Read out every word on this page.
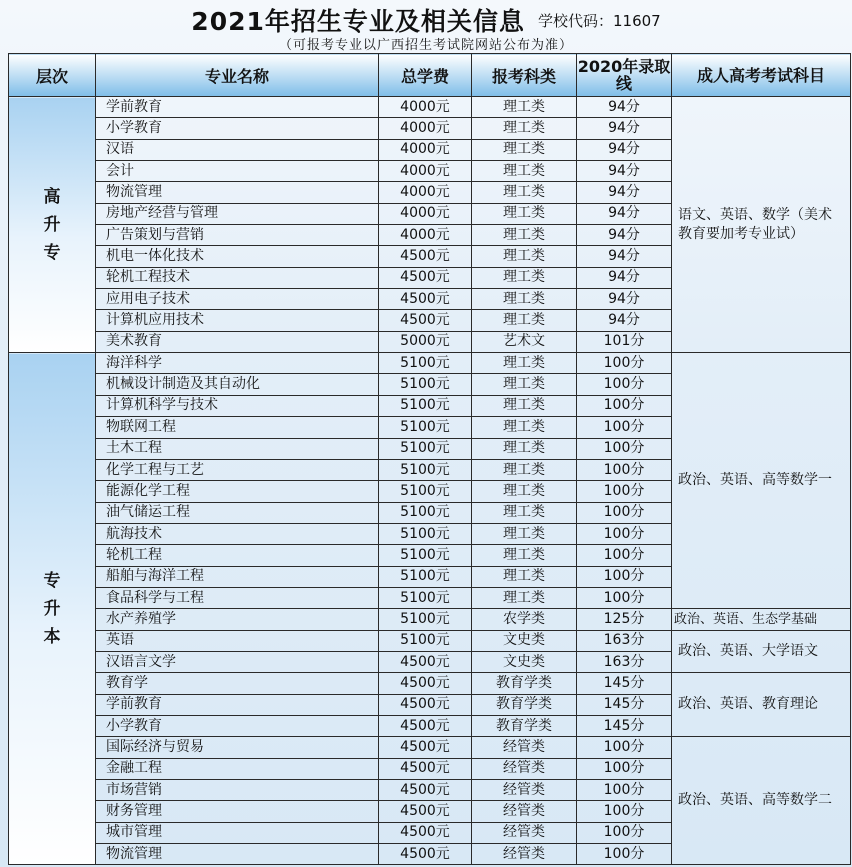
2021年招生专业及相关信息 学校代码：11607
（可报考专业以广西招生考试院网站公布为准）
层次	专业名称	总学费	报考科类	2020年录取线	成人高考考试科目
高升专	学前教育	4000元	理工类	94分	语文、英语、数学（美术教育要加考专业试）
	小学教育	4000元	理工类	94分	
	汉语	4000元	理工类	94分	
	会计	4000元	理工类	94分	
	物流管理	4000元	理工类	94分	
	房地产经营与管理	4000元	理工类	94分	
	广告策划与营销	4000元	理工类	94分	
	机电一体化技术	4500元	理工类	94分	
	轮机工程技术	4500元	理工类	94分	
	应用电子技术	4500元	理工类	94分	
	计算机应用技术	4500元	理工类	94分	
	美术教育	5000元	艺术文	101分	
专升本	海洋科学	5100元	理工类	100分	政治、英语、高等数学一
	机械设计制造及其自动化	5100元	理工类	100分	
	计算机科学与技术	5100元	理工类	100分	
	物联网工程	5100元	理工类	100分	
	土木工程	5100元	理工类	100分	
	化学工程与工艺	5100元	理工类	100分	
	能源化学工程	5100元	理工类	100分	
	油气储运工程	5100元	理工类	100分	
	航海技术	5100元	理工类	100分	
	轮机工程	5100元	理工类	100分	
	船舶与海洋工程	5100元	理工类	100分	
	食品科学与工程	5100元	理工类	100分	
	水产养殖学	5100元	农学类	125分	政治、英语、生态学基础
	英语	5100元	文史类	163分	政治、英语、大学语文
	汉语言文学	4500元	文史类	163分	
	教育学	4500元	教育学类	145分	政治、英语、教育理论
	学前教育	4500元	教育学类	145分	
	小学教育	4500元	教育学类	145分	
	国际经济与贸易	4500元	经管类	100分	政治、英语、高等数学二
	金融工程	4500元	经管类	100分	
	市场营销	4500元	经管类	100分	
	财务管理	4500元	经管类	100分	
	城市管理	4500元	经管类	100分	
	物流管理	4500元	经管类	100分	
